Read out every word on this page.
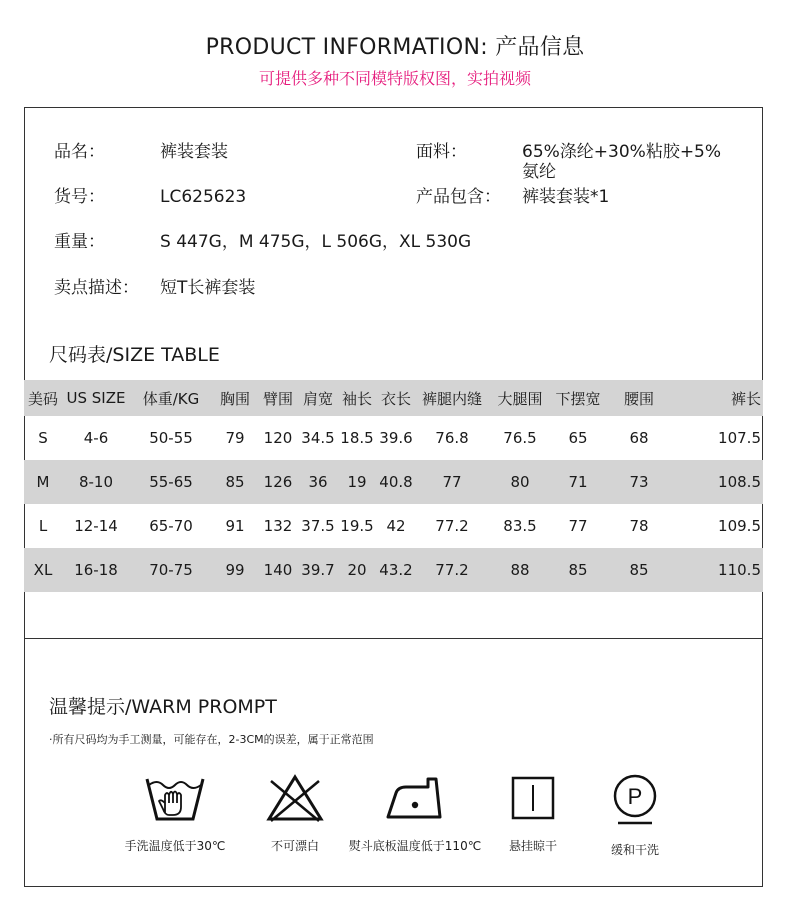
PRODUCT INFORMATION: 产品信息
可提供多种不同模特版权图，实拍视频
品名：	裤装套装
货号：	LC625623
重量：	S 447G，M 475G，L 506G，XL 530G
卖点描述： 短T长裤套装
面料：	65%涤纶+30%粘胶+5%氨纶
产品包含： 裤装套装*1
尺码表/SIZE TABLE
美码	US SIZE	体重/KG	胸围	臂围	肩宽	袖长	衣长	裤腿内缝	大腿围	下摆宽	腰围	裤长
S	4-6	50-55	79	120	34.5	18.5	39.6	76.8	76.5	65	68	107.5
M	8-10	55-65	85	126	36	19	40.8	77	80	71	73	108.5
L	12-14	65-70	91	132	37.5	19.5	42	77.2	83.5	77	78	109.5
XL	16-18	70-75	99	140	39.7	20	43.2	77.2	88	85	85	110.5
温馨提示/WARM PROMPT
·所有尺码均为手工测量，可能存在，2-3CM的误差，属于正常范围
手洗温度低于30℃	不可漂白	熨斗底板温度低于110℃	悬挂晾干
P
缓和干洗
